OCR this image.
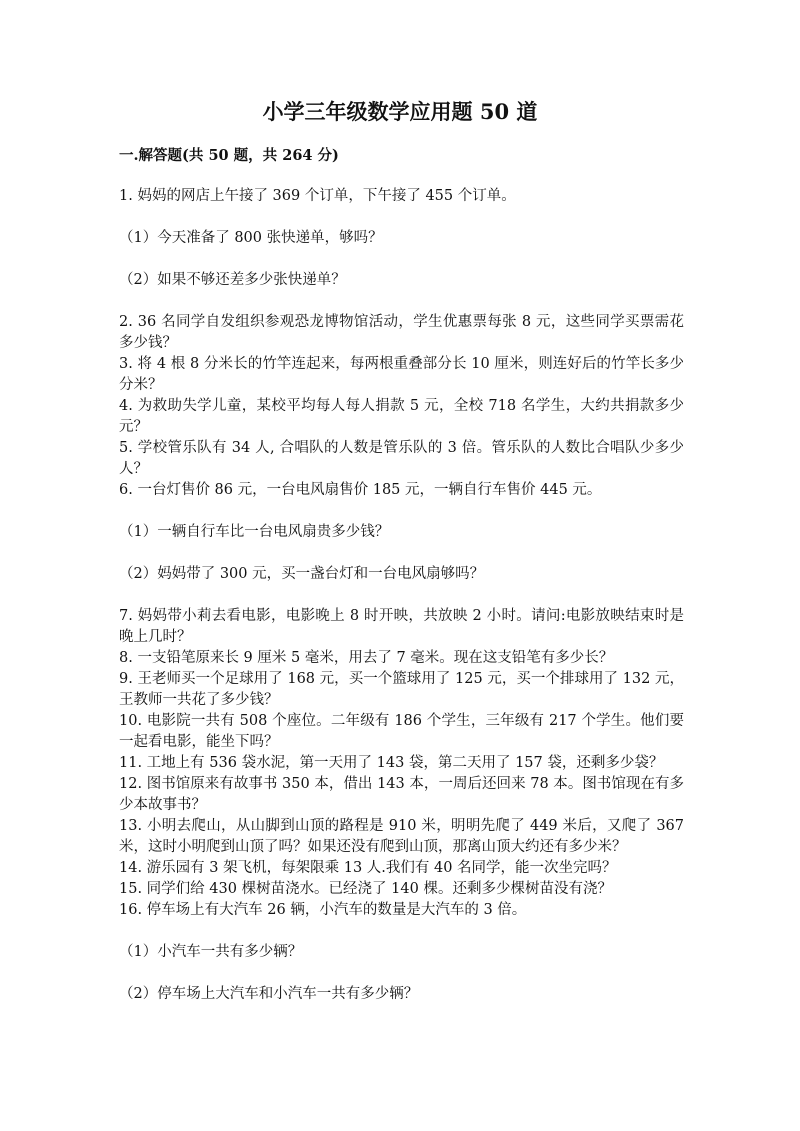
小学三年级数学应用题 50 道
一.解答题(共 50 题，共 264 分)

1. 妈妈的网店上午接了 369 个订单，下午接了 455 个订单。

（1）今天准备了 800 张快递单，够吗？

（2）如果不够还差多少张快递单？

2. 36 名同学自发组织参观恐龙博物馆活动，学生优惠票每张 8 元，这些同学买票需花多少钱？

3. 将 4 根 8 分米长的竹竿连起来，每两根重叠部分长 10 厘米，则连好后的竹竿长多少分米？

4. 为救助失学儿童，某校平均每人每人捐款 5 元，全校 718 名学生，大约共捐款多少元？

5. 学校管乐队有 34 人, 合唱队的人数是管乐队的 3 倍。管乐队的人数比合唱队少多少人？

6. 一台灯售价 86 元，一台电风扇售价 185 元，一辆自行车售价 445 元。

（1）一辆自行车比一台电风扇贵多少钱？

（2）妈妈带了 300 元，买一盏台灯和一台电风扇够吗？

7. 妈妈带小莉去看电影，电影晚上 8 时开映，共放映 2 小时。请问:电影放映结束时是晚上几时？

8. 一支铅笔原来长 9 厘米 5 毫米，用去了 7 毫米。现在这支铅笔有多少长？

9. 王老师买一个足球用了 168 元，买一个篮球用了 125 元，买一个排球用了 132 元，王教师一共花了多少钱？

10. 电影院一共有 508 个座位。二年级有 186 个学生，三年级有 217 个学生。他们要一起看电影，能坐下吗？

11. 工地上有 536 袋水泥，第一天用了 143 袋，第二天用了 157 袋，还剩多少袋？

12. 图书馆原来有故事书 350 本，借出 143 本，一周后还回来 78 本。图书馆现在有多少本故事书？

13. 小明去爬山，从山脚到山顶的路程是 910 米，明明先爬了 449 米后，又爬了 367 米，这时小明爬到山顶了吗？如果还没有爬到山顶，那离山顶大约还有多少米？

14. 游乐园有 3 架飞机，每架限乘 13 人.我们有 40 名同学，能一次坐完吗？

15. 同学们给 430 棵树苗浇水。已经浇了 140 棵。还剩多少棵树苗没有浇？

16. 停车场上有大汽车 26 辆，小汽车的数量是大汽车的 3 倍。

（1）小汽车一共有多少辆？

（2）停车场上大汽车和小汽车一共有多少辆？
